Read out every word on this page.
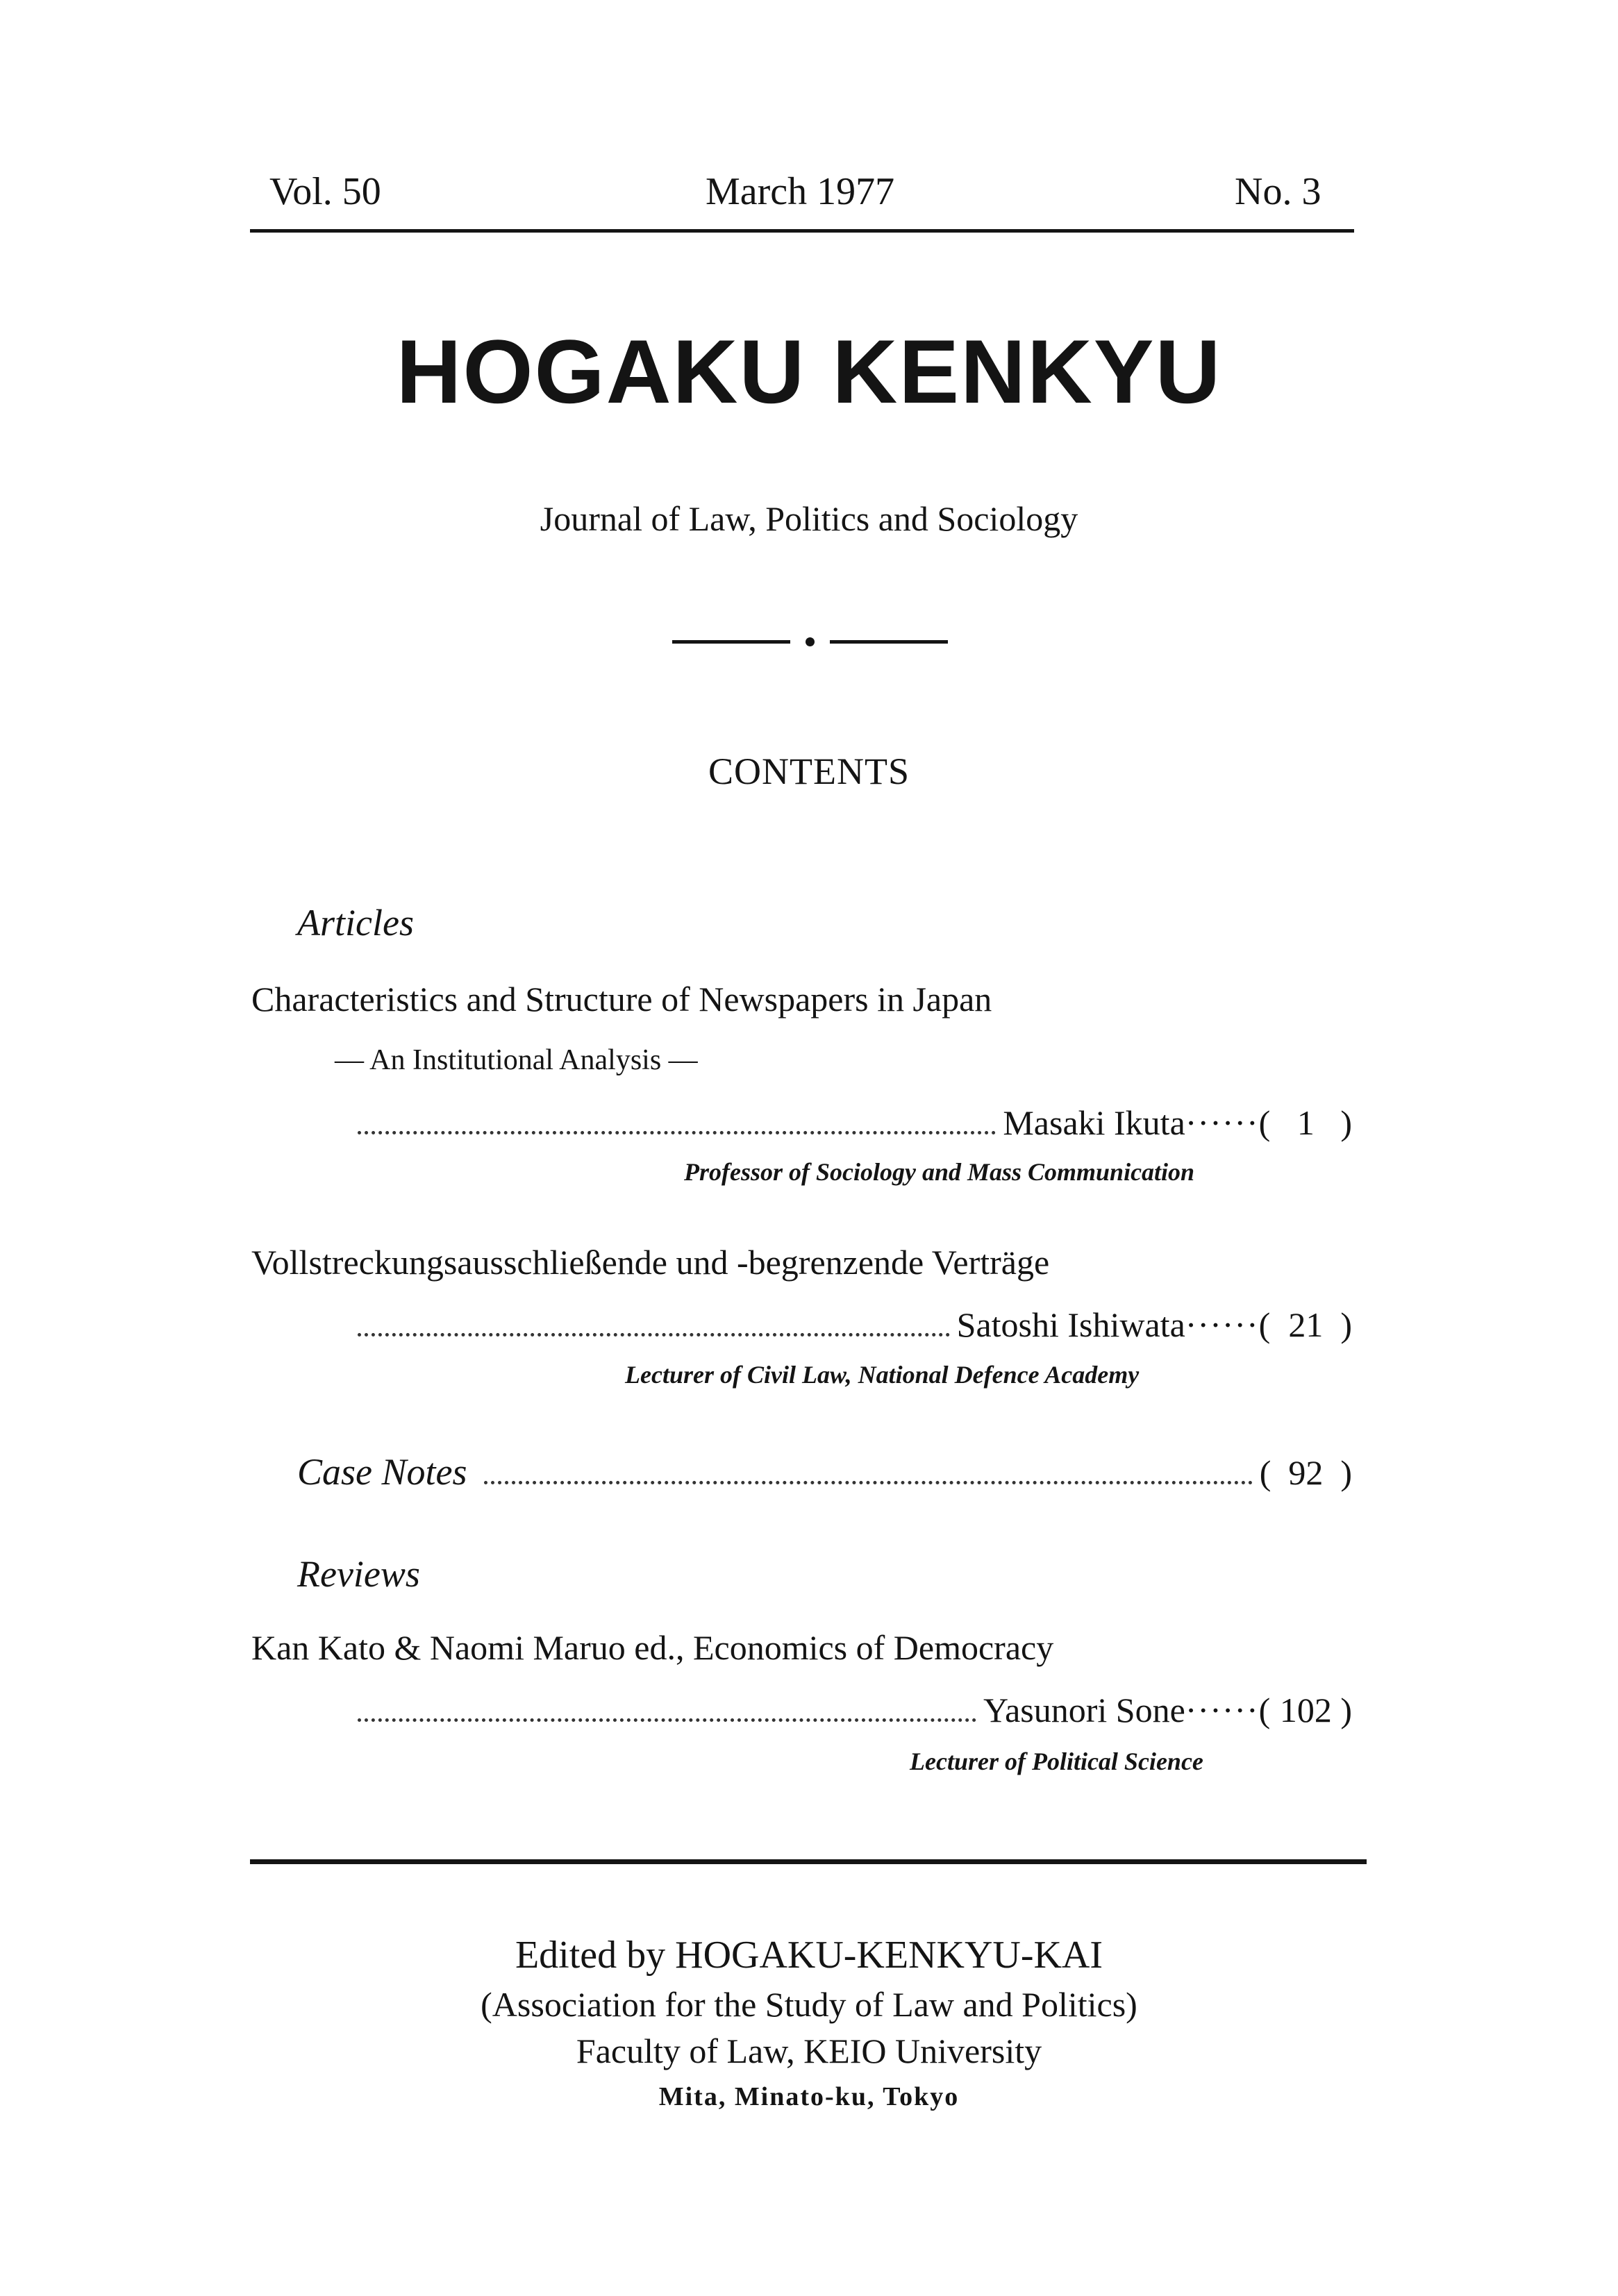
Vol. 50	March 1977	No. 3
HOGAKU KENKYU
Journal of Law, Politics and Sociology
CONTENTS
Articles
Characteristics and Structure of Newspapers in Japan
— An Institutional Analysis —
Masaki Ikuta ······( 1 )
Professor of Sociology and Mass Communication
Vollstreckungsausschließende und -begrenzende Verträge
Satoshi Ishiwata ······( 21 )
Lecturer of Civil Law, National Defence Academy
Case Notes	( 92 )
Reviews
Kan Kato & Naomi Maruo ed., Economics of Democracy
Yasunori Sone ······( 102 )
Lecturer of Political Science
Edited by HOGAKU-KENKYU-KAI
(Association for the Study of Law and Politics)
Faculty of Law, KEIO University
Mita, Minato-ku, Tokyo
